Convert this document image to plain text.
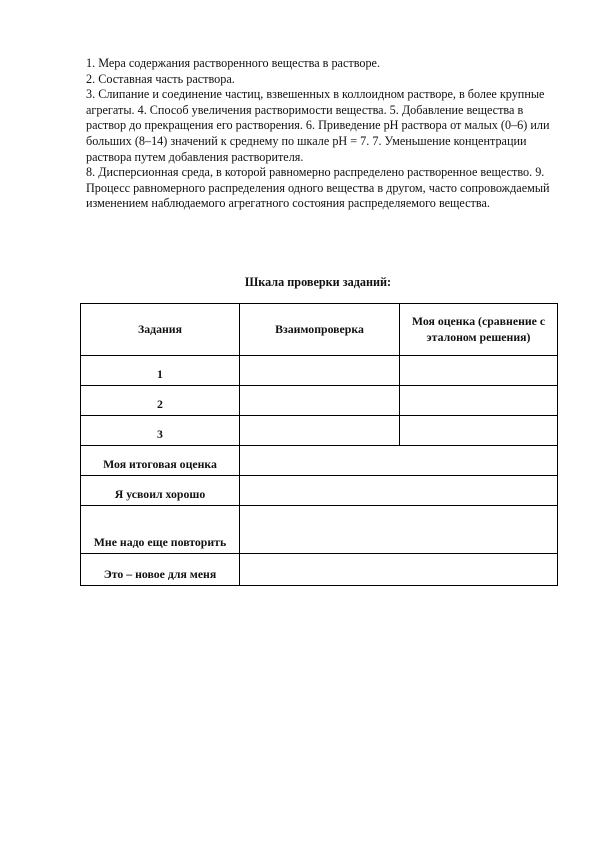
1. Мера содержания растворенного вещества в растворе.

2. Составная часть раствора.

3. Слипание и соединение частиц, взвешенных в коллоидном растворе, в более крупные агрегаты. 4. Способ увеличения растворимости вещества. 5. Добавление вещества в раствор до прекращения его растворения. 6. Приведение pH раствора от малых (0–6) или больших (8–14) значений к среднему по шкале pH = 7. 7. Уменьшение концентрации раствора путем добавления растворителя.

8. Дисперсионная среда, в которой равномерно распределено растворенное вещество. 9. Процесс равномерного распределения одного вещества в другом, часто сопровождаемый изменением наблюдаемого агрегатного состояния распределяемого вещества.

Шкала проверки заданий:
Задания	Взаимопроверка	Моя оценка (сравнение с эталоном решения)
1		
2		
3		
Моя итоговая оценка		
Я усвоил хорошо		
Мне надо еще повторить		
Это – новое для меня		
